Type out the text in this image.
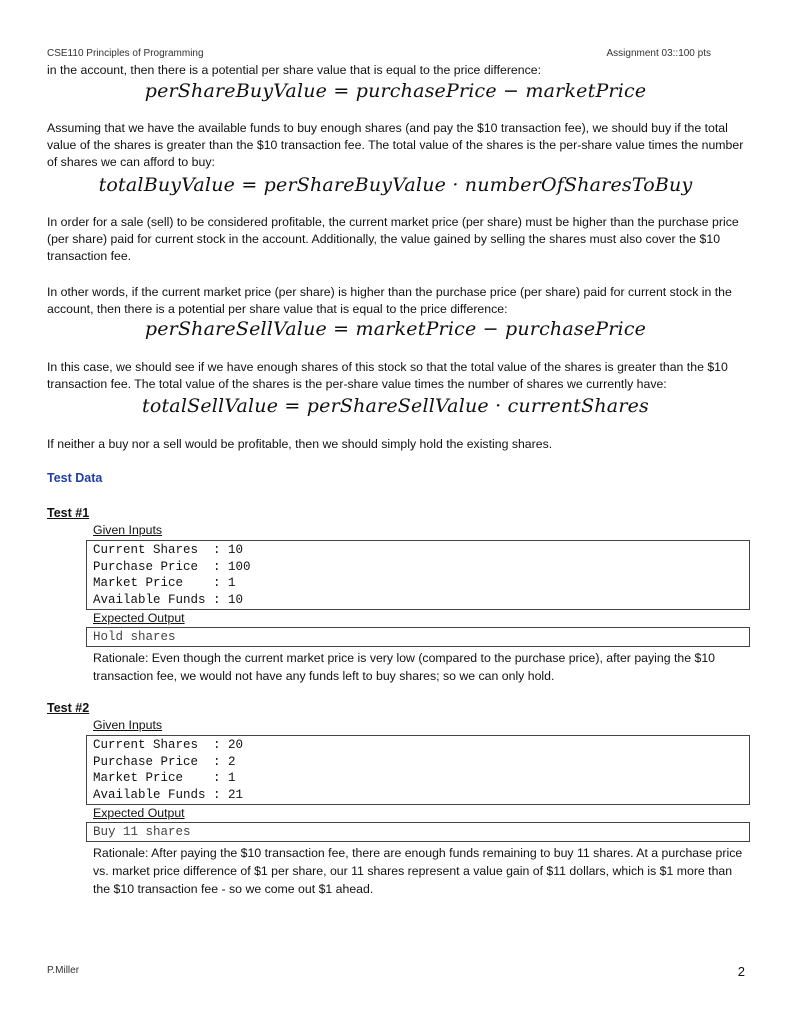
CSE110 Principles of Programming	Assignment 03::100 pts
in the account, then there is a potential per share value that is equal to the price difference:
perShareBuyValue = purchasePrice − marketPrice
Assuming that we have the available funds to buy enough shares (and pay the $10 transaction fee), we should buy if the total value of the shares is greater than the $10 transaction fee. The total value of the shares is the per-share value times the number of shares we can afford to buy:
totalBuyValue = perShareBuyValue · numberOfSharesToBuy
In order for a sale (sell) to be considered profitable, the current market price (per share) must be higher than the purchase price (per share) paid for current stock in the account. Additionally, the value gained by selling the shares must also cover the $10 transaction fee.
In other words, if the current market price (per share) is higher than the purchase price (per share) paid for current stock in the account, then there is a potential per share value that is equal to the price difference:
perShareSellValue = marketPrice − purchasePrice
In this case, we should see if we have enough shares of this stock so that the total value of the shares is greater than the $10 transaction fee. The total value of the shares is the per-share value times the number of shares we currently have:
totalSellValue = perShareSellValue · currentShares
If neither a buy nor a sell would be profitable, then we should simply hold the existing shares.
Test Data
Test #1
Given Inputs
Current Shares  : 10
Purchase Price  : 100
Market Price    : 1
Available Funds : 10
Expected Output
Hold shares
Rationale: Even though the current market price is very low (compared to the purchase price), after paying the $10 transaction fee, we would not have any funds left to buy shares; so we can only hold.
Test #2
Given Inputs
Current Shares  : 20
Purchase Price  : 2
Market Price    : 1
Available Funds : 21
Expected Output
Buy 11 shares
Rationale: After paying the $10 transaction fee, there are enough funds remaining to buy 11 shares. At a purchase price vs. market price difference of $1 per share, our 11 shares represent a value gain of $11 dollars, which is $1 more than the $10 transaction fee - so we come out $1 ahead.
P.Miller	2
